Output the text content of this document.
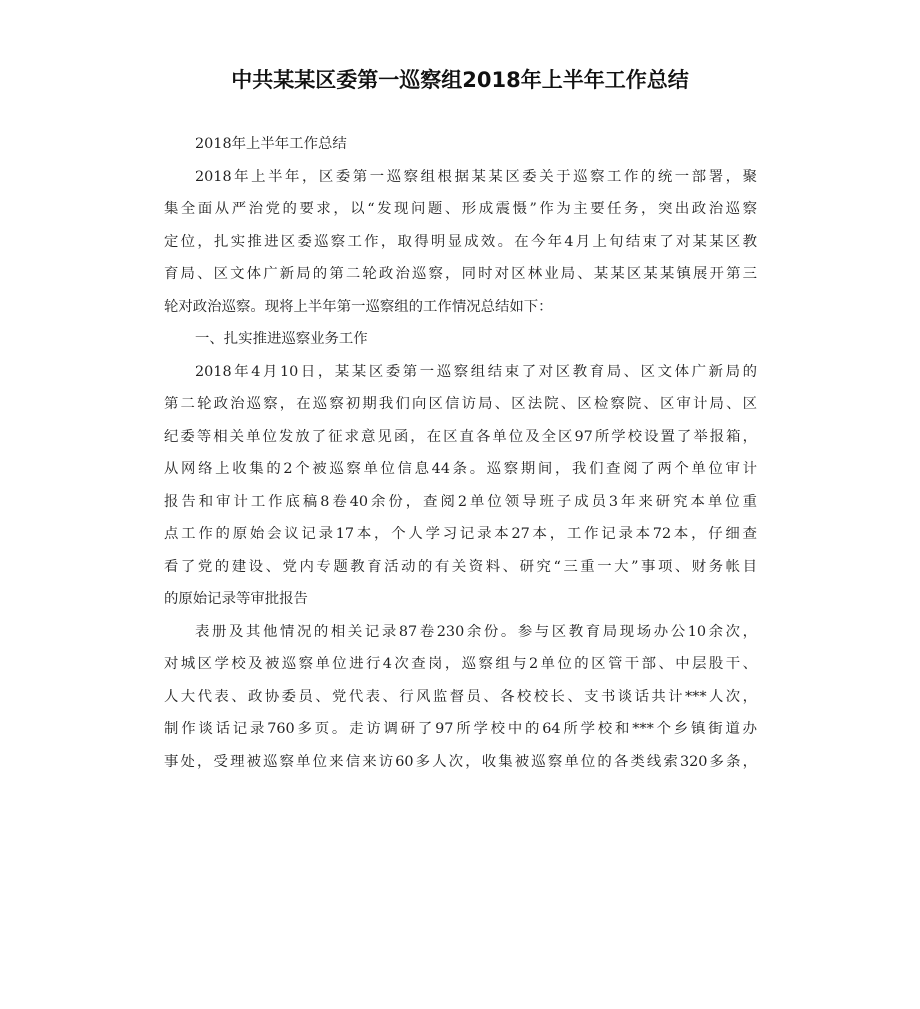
中共某某区委第一巡察组2018年上半年工作总结
2018年上半年工作总结
2018年上半年，区委第一巡察组根据某某区委关于巡察工作的统一部署，聚
集全面从严治党的要求，以“发现问题、形成震慑”作为主要任务，突出政治巡察
定位，扎实推进区委巡察工作，取得明显成效。在今年4月上旬结束了对某某区教
育局、区文体广新局的第二轮政治巡察，同时对区林业局、某某区某某镇展开第三
轮对政治巡察。现将上半年第一巡察组的工作情况总结如下：
一、扎实推进巡察业务工作
2018年4月10日，某某区委第一巡察组结束了对区教育局、区文体广新局的
第二轮政治巡察，在巡察初期我们向区信访局、区法院、区检察院、区审计局、区
纪委等相关单位发放了征求意见函，在区直各单位及全区97所学校设置了举报箱，
从网络上收集的2个被巡察单位信息44条。巡察期间，我们查阅了两个单位审计
报告和审计工作底稿8卷40余份，查阅2单位领导班子成员3年来研究本单位重
点工作的原始会议记录17本，个人学习记录本27本，工作记录本72本，仔细查
看了党的建设、党内专题教育活动的有关资料、研究“三重一大”事项、财务帐目
的原始记录等审批报告
表册及其他情况的相关记录87卷230余份。参与区教育局现场办公10余次，
对城区学校及被巡察单位进行4次查岗，巡察组与2单位的区管干部、中层股干、
人大代表、政协委员、党代表、行风监督员、各校校长、支书谈话共计***人次，
制作谈话记录760多页。走访调研了97所学校中的64所学校和***个乡镇街道办
事处，受理被巡察单位来信来访60多人次，收集被巡察单位的各类线索320多条，
